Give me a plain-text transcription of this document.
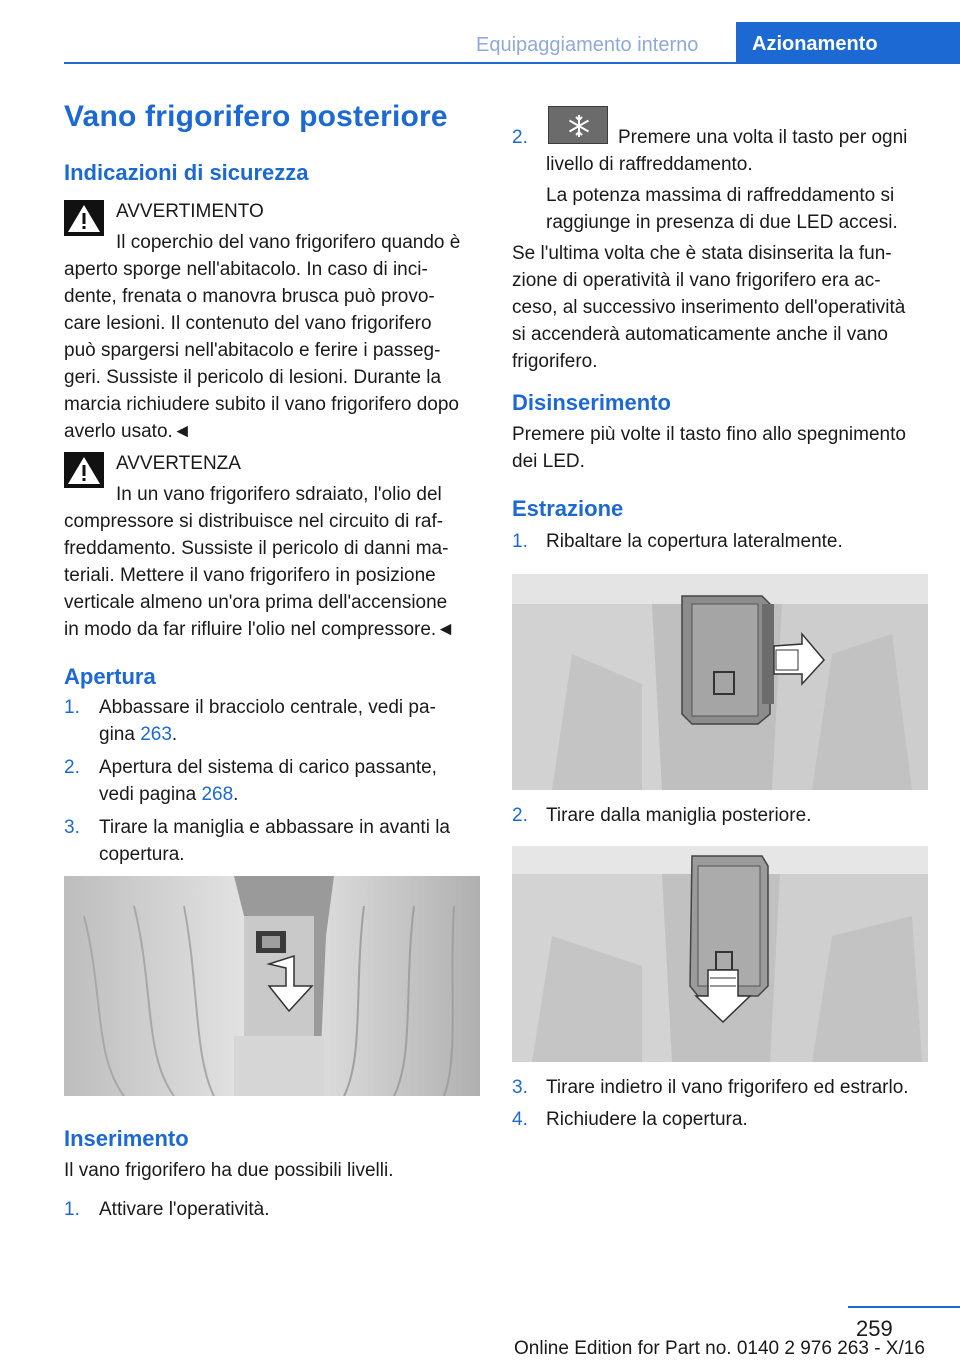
Equipaggiamento interno	Azionamento
Vano frigorifero posteriore
Indicazioni di sicurezza
AVVERTIMENTO
Il coperchio del vano frigorifero quando è
aperto sporge nell'abitacolo. In caso di inci-
dente, frenata o manovra brusca può provo-
care lesioni. Il contenuto del vano frigorifero
può spargersi nell'abitacolo e ferire i passeg-
geri. Sussiste il pericolo di lesioni. Durante la
marcia richiudere subito il vano frigorifero dopo
averlo usato.◄
AVVERTENZA
In un vano frigorifero sdraiato, l'olio del
compressore si distribuisce nel circuito di raf-
freddamento. Sussiste il pericolo di danni ma-
teriali. Mettere il vano frigorifero in posizione
verticale almeno un'ora prima dell'accensione
in modo da far rifluire l'olio nel compressore.◄
Apertura
1. Abbassare il bracciolo centrale, vedi pa-
gina 263.
2. Apertura del sistema di carico passante,
vedi pagina 268.
3. Tirare la maniglia e abbassare in avanti la
copertura.
Inserimento
Il vano frigorifero ha due possibili livelli.
1. Attivare l'operatività.
2.	Premere una volta il tasto per ogni
livello di raffreddamento.
La potenza massima di raffreddamento si
raggiunge in presenza di due LED accesi.
Se l'ultima volta che è stata disinserita la fun-
zione di operatività il vano frigorifero era ac-
ceso, al successivo inserimento dell'operatività
si accenderà automaticamente anche il vano
frigorifero.
Disinserimento
Premere più volte il tasto fino allo spegnimento
dei LED.
Estrazione
1. Ribaltare la copertura lateralmente.
2. Tirare dalla maniglia posteriore.
3. Tirare indietro il vano frigorifero ed estrarlo.
4. Richiudere la copertura.
259
Online Edition for Part no. 0140 2 976 263 - X/16
